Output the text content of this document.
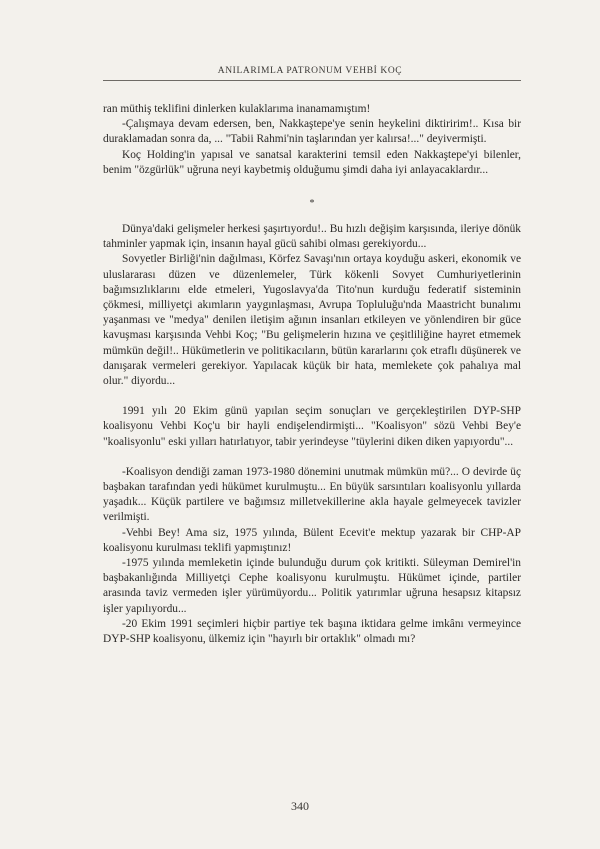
ANILARIMLA PATRONUM VEHBİ KOÇ

ran müthiş teklifini dinlerken kulaklarıma inanamamıştım!

-Çalışmaya devam edersen, ben, Nakkaştepe'ye senin heykelini diktiririm!.. Kısa bir duraklamadan sonra da, ... "Tabii Rahmi'nin taşlarından yer kalırsa!..." deyivermişti.

Koç Holding'in yapısal ve sanatsal karakterini temsil eden Nakkaştepe'yi bilenler, benim "özgürlük" uğruna neyi kaybetmiş olduğumu şimdi daha iyi anlayacaklardır...

*

Dünya'daki gelişmeler herkesi şaşırtıyordu!.. Bu hızlı değişim karşısında, ileriye dönük tahminler yapmak için, insanın hayal gücü sahibi olması gerekiyordu...

Sovyetler Birliği'nin dağılması, Körfez Savaşı'nın ortaya koyduğu askeri, ekonomik ve uluslararası düzen ve düzenlemeler, Türk kökenli Sovyet Cumhuriyetlerinin bağımsızlıklarını elde etmeleri, Yugoslavya'da Tito'nun kurduğu federatif sisteminin çökmesi, milliyetçi akımların yaygınlaşması, Avrupa Topluluğu'nda Maastricht bunalımı yaşanması ve "medya" denilen iletişim ağının insanları etkileyen ve yönlendiren bir güce kavuşması karşısında Vehbi Koç; "Bu gelişmelerin hızına ve çeşitliliğine hayret etmemek mümkün değil!.. Hükümetlerin ve politikacıların, bütün kararlarını çok etraflı düşünerek ve danışarak vermeleri gerekiyor. Yapılacak küçük bir hata, memlekete çok pahalıya mal olur." diyordu...

1991 yılı 20 Ekim günü yapılan seçim sonuçları ve gerçekleştirilen DYP-SHP koalisyonu Vehbi Koç'u bir hayli endişelendirmişti... "Koalisyon" sözü Vehbi Bey'e "koalisyonlu" eski yılları hatırlatıyor, tabir yerindeyse "tüylerini diken diken yapıyordu"...

-Koalisyon dendiği zaman 1973-1980 dönemini unutmak mümkün mü?... O devirde üç başbakan tarafından yedi hükümet kurulmuştu... En büyük sarsıntıları koalisyonlu yıllarda yaşadık... Küçük partilere ve bağımsız milletvekillerine akla hayale gelmeyecek tavizler verilmişti.

-Vehbi Bey! Ama siz, 1975 yılında, Bülent Ecevit'e mektup yazarak bir CHP-AP koalisyonu kurulması teklifi yapmıştınız!

-1975 yılında memleketin içinde bulunduğu durum çok kritikti. Süleyman Demirel'in başbakanlığında Milliyetçi Cephe koalisyonu kurulmuştu. Hükümet içinde, partiler arasında taviz vermeden işler yürümüyordu... Politik yatırımlar uğruna hesapsız kitapsız işler yapılıyordu...

-20 Ekim 1991 seçimleri hiçbir partiye tek başına iktidara gelme imkânı vermeyince DYP-SHP koalisyonu, ülkemiz için "hayırlı bir ortaklık" olmadı mı?

340
